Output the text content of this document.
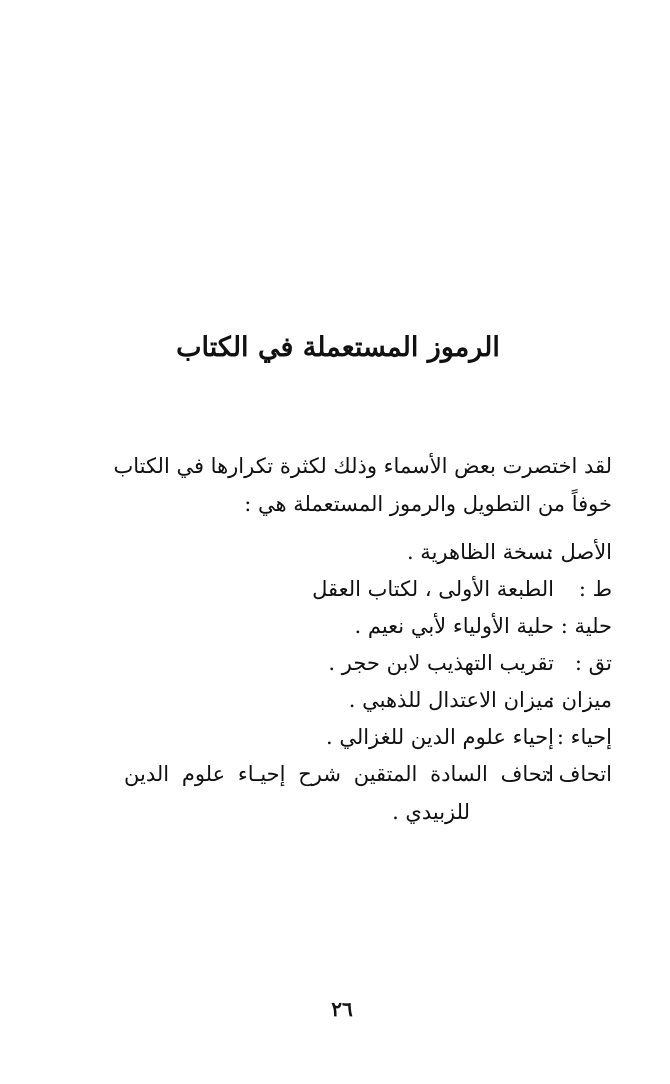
الرموز المستعملة في الكتاب
لقد اختصرت بعض الأسماء وذلك لكثرة تكرارها في الكتاب
خوفاً من التطويل والرموز المستعملة هي :
الأصل :
نسخة الظاهرية .
ط :
الطبعة الأولى ، لكتاب العقل
حلية :
حلية الأولياء لأبي نعيم .
تق :
تقريب التهذيب لابن حجر .
ميزان :
ميزان الاعتدال للذهبي .
إحياء :
إحياء علوم الدين للغزالي .
اتحاف :
اتحاف السادة المتقين شرح إحيـاء علوم الدين
للزبيدي .
٢٦
